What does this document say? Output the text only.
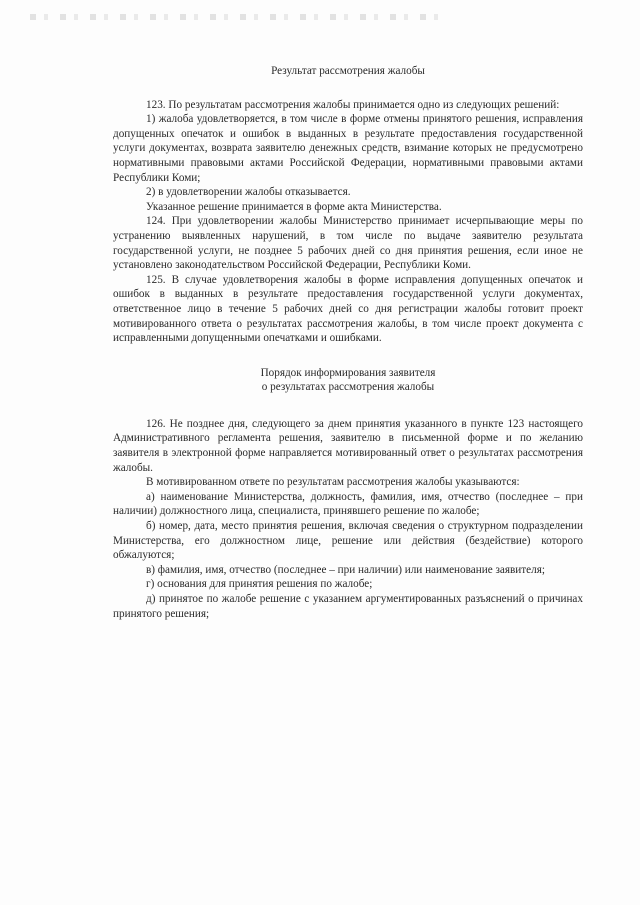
Результат рассмотрения жалобы

123. По результатам рассмотрения жалобы принимается одно из следующих решений:

1) жалоба удовлетворяется, в том числе в форме отмены принятого решения, исправления допущенных опечаток и ошибок в выданных в результате предоставления государственной услуги документах, возврата заявителю денежных средств, взимание которых не предусмотрено нормативными правовыми актами Российской Федерации, нормативными правовыми актами Республики Коми;

2) в удовлетворении жалобы отказывается.

Указанное решение принимается в форме акта Министерства.

124. При удовлетворении жалобы Министерство принимает исчерпывающие меры по устранению выявленных нарушений, в том числе по выдаче заявителю результата государственной услуги, не позднее 5 рабочих дней со дня принятия решения, если иное не установлено законодательством Российской Федерации, Республики Коми.

125. В случае удовлетворения жалобы в форме исправления допущенных опечаток и ошибок в выданных в результате предоставления государственной услуги документах, ответственное лицо в течение 5 рабочих дней со дня регистрации жалобы готовит проект мотивированного ответа о результатах рассмотрения жалобы, в том числе проект документа с исправленными допущенными опечатками и ошибками.

Порядок информирования заявителя
о результатах рассмотрения жалобы

126. Не позднее дня, следующего за днем принятия указанного в пункте 123 настоящего Административного регламента решения, заявителю в письменной форме и по желанию заявителя в электронной форме направляется мотивированный ответ о результатах рассмотрения жалобы.

В мотивированном ответе по результатам рассмотрения жалобы указываются:

а) наименование Министерства, должность, фамилия, имя, отчество (последнее – при наличии) должностного лица, специалиста, принявшего решение по жалобе;

б) номер, дата, место принятия решения, включая сведения о структурном подразделении Министерства, его должностном лице, решение или действия (бездействие) которого обжалуются;

в) фамилия, имя, отчество (последнее – при наличии) или наименование заявителя;

г) основания для принятия решения по жалобе;

д) принятое по жалобе решение с указанием аргументированных разъяснений о причинах принятого решения;
